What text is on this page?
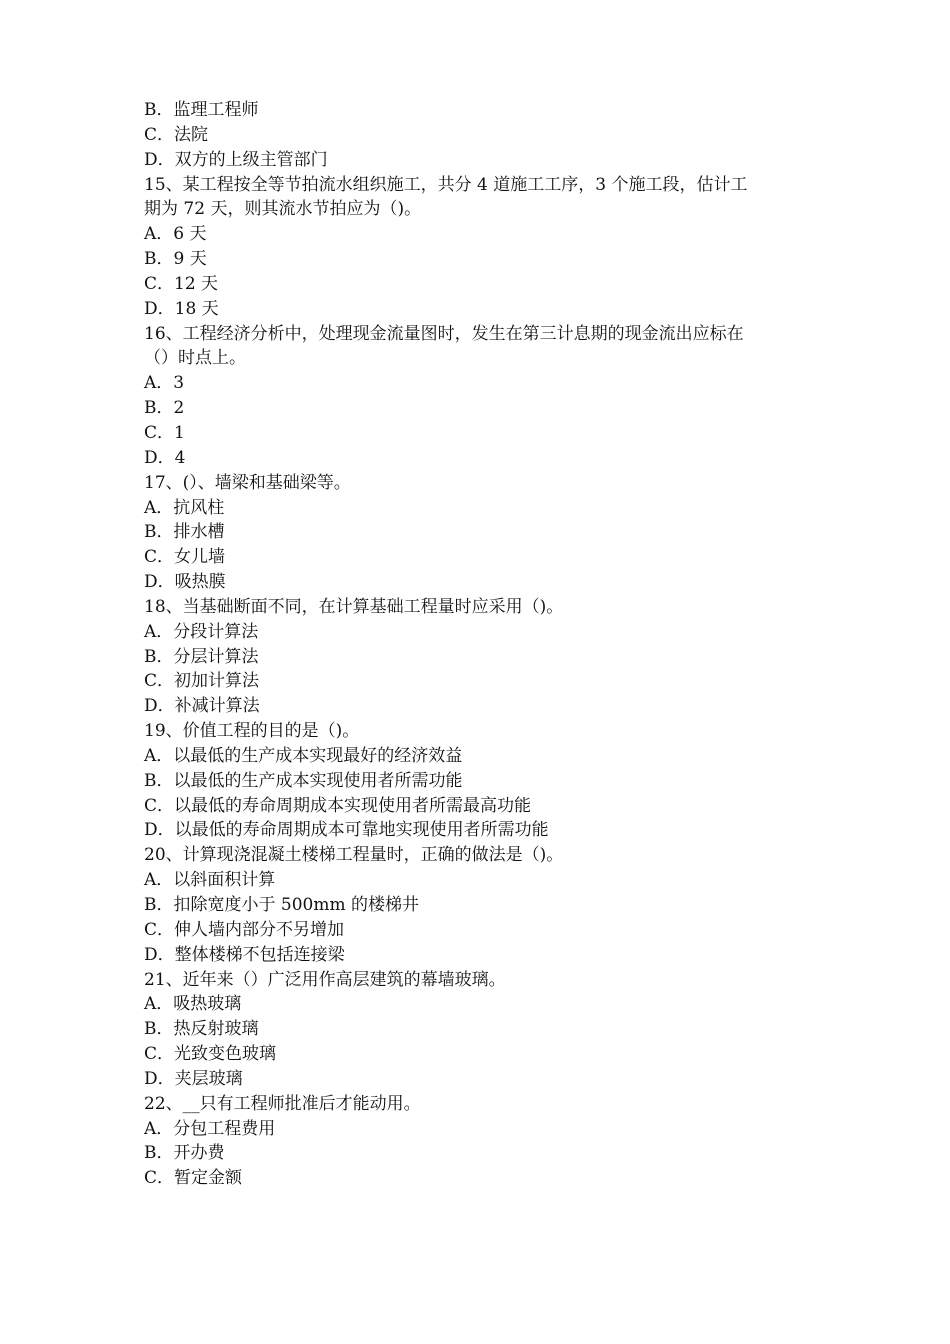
B．监理工程师
C．法院
D．双方的上级主管部门
15、某工程按全等节拍流水组织施工，共分 4 道施工工序，3 个施工段，估计工
期为 72 天，则其流水节拍应为（)。
A．6 天
B．9 天
C．12 天
D．18 天
16、工程经济分析中，处理现金流量图时，发生在第三计息期的现金流出应标在
（）时点上。
A．3
B．2
C．1
D．4
17、(）、墙梁和基础梁等。
A．抗风柱
B．排水槽
C．女儿墙
D．吸热膜
18、当基础断面不同，在计算基础工程量时应采用（)。
A．分段计算法
B．分层计算法
C．初加计算法
D．补减计算法
19、价值工程的目的是（)。
A．以最低的生产成本实现最好的经济效益
B．以最低的生产成本实现使用者所需功能
C．以最低的寿命周期成本实现使用者所需最高功能
D．以最低的寿命周期成本可靠地实现使用者所需功能
20、计算现浇混凝土楼梯工程量时，正确的做法是（)。
A．以斜面积计算
B．扣除宽度小于 500mm 的楼梯井
C．伸人墙内部分不另增加
D．整体楼梯不包括连接梁
21、近年来（）广泛用作高层建筑的幕墙玻璃。
A．吸热玻璃
B．热反射玻璃
C．光致变色玻璃
D．夹层玻璃
22、__只有工程师批准后才能动用。
A．分包工程费用
B．开办费
C．暂定金额
